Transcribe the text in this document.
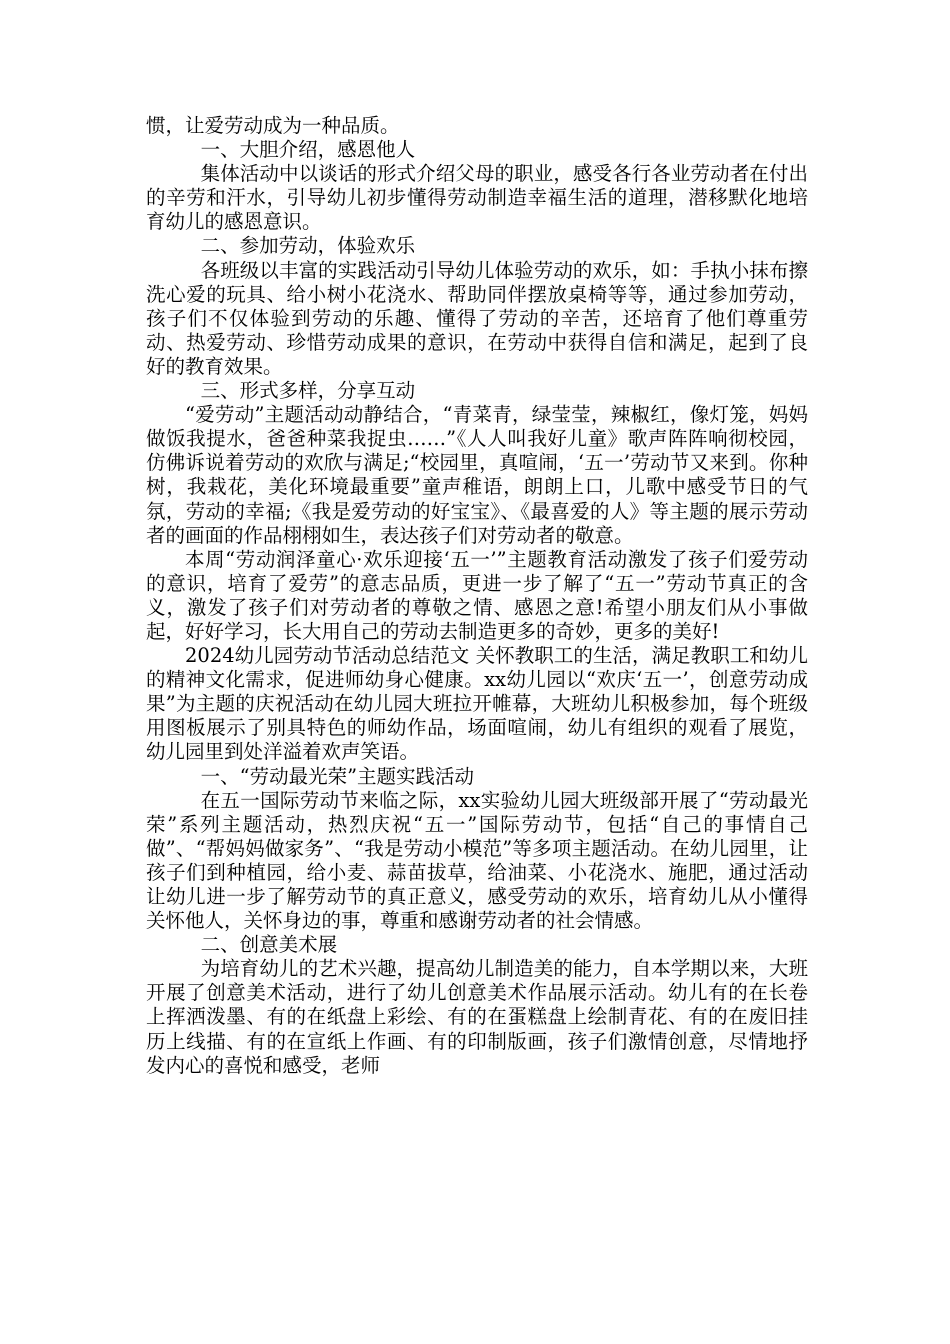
惯，让爱劳动成为一种品质。

一、大胆介绍，感恩他人

集体活动中以谈话的形式介绍父母的职业，感受各行各业劳动者在付出的辛劳和汗水，引导幼儿初步懂得劳动制造幸福生活的道理，潜移默化地培育幼儿的感恩意识。

二、参加劳动，体验欢乐

各班级以丰富的实践活动引导幼儿体验劳动的欢乐，如：手执小抹布擦洗心爱的玩具、给小树小花浇水、帮助同伴摆放桌椅等等，通过参加劳动，孩子们不仅体验到劳动的乐趣、懂得了劳动的辛苦，还培育了他们尊重劳动、热爱劳动、珍惜劳动成果的意识，在劳动中获得自信和满足，起到了良好的教育效果。

三、形式多样，分享互动

“爱劳动”主题活动动静结合，“青菜青，绿莹莹，辣椒红，像灯笼，妈妈做饭我提水，爸爸种菜我捉虫……”《人人叫我好儿童》歌声阵阵响彻校园，仿佛诉说着劳动的欢欣与满足;“校园里，真喧闹，‘五一’劳动节又来到。你种树，我栽花，美化环境最重要”童声稚语，朗朗上口，儿歌中感受节日的气氛，劳动的幸福;《我是爱劳动的好宝宝》、《最喜爱的人》等主题的展示劳动者的画面的作品栩栩如生，表达孩子们对劳动者的敬意。

本周“劳动润泽童心·欢乐迎接‘五一’”主题教育活动激发了孩子们爱劳动的意识，培育了爱劳”的意志品质，更进一步了解了“五一”劳动节真正的含义，激发了孩子们对劳动者的尊敬之情、感恩之意!希望小朋友们从小事做起，好好学习，长大用自己的劳动去制造更多的奇妙，更多的美好!

2024幼儿园劳动节活动总结范文 关怀教职工的生活，满足教职工和幼儿的精神文化需求，促进师幼身心健康。xx幼儿园以“欢庆‘五一’，创意劳动成果”为主题的庆祝活动在幼儿园大班拉开帷幕，大班幼儿积极参加，每个班级用图板展示了别具特色的师幼作品，场面喧闹，幼儿有组织的观看了展览，幼儿园里到处洋溢着欢声笑语。

一、“劳动最光荣”主题实践活动

在五一国际劳动节来临之际，xx实验幼儿园大班级部开展了“劳动最光荣”系列主题活动，热烈庆祝“五一”国际劳动节，包括“自己的事情自己做”、“帮妈妈做家务”、“我是劳动小模范”等多项主题活动。在幼儿园里，让孩子们到种植园，给小麦、蒜苗拔草，给油菜、小花浇水、施肥，通过活动让幼儿进一步了解劳动节的真正意义，感受劳动的欢乐，培育幼儿从小懂得关怀他人，关怀身边的事，尊重和感谢劳动者的社会情感。

二、创意美术展

为培育幼儿的艺术兴趣，提高幼儿制造美的能力，自本学期以来，大班开展了创意美术活动，进行了幼儿创意美术作品展示活动。幼儿有的在长卷上挥洒泼墨、有的在纸盘上彩绘、有的在蛋糕盘上绘制青花、有的在废旧挂历上线描、有的在宣纸上作画、有的印制版画，孩子们激情创意，尽情地抒发内心的喜悦和感受，老师
